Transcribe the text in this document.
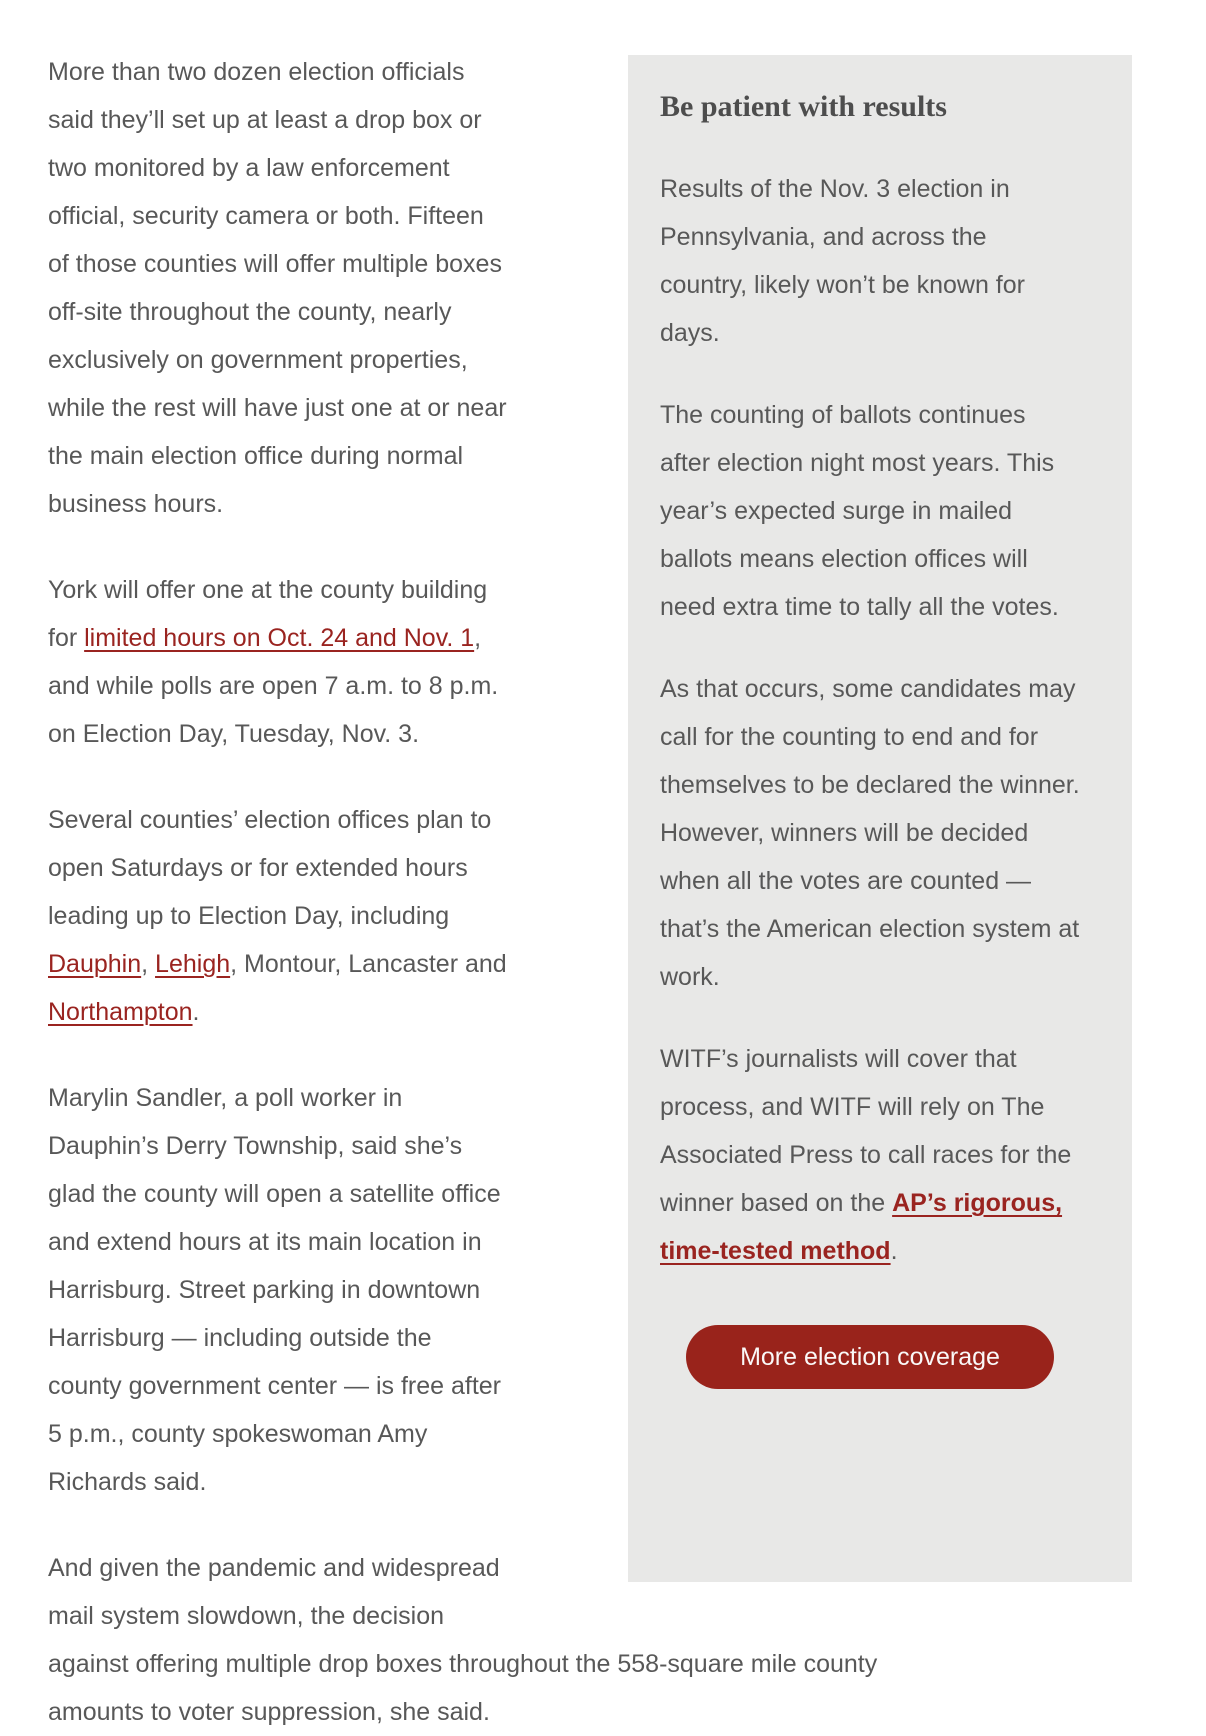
Be patient with results

Results of the Nov. 3 election in Pennsylvania, and across the country, likely won’t be known for days.

The counting of ballots continues after election night most years. This year’s expected surge in mailed ballots means election offices will need extra time to tally all the votes.

As that occurs, some candidates may call for the counting to end and for themselves to be declared the winner. However, winners will be decided when all the votes are counted — that’s the American election system at work.

WITF’s journalists will cover that process, and WITF will rely on The Associated Press to call races for the winner based on the AP’s rigorous, time-tested method.

More election coverage

More than two dozen election officials said they’ll set up at least a drop box or two monitored by a law enforcement official, security camera or both. Fifteen of those counties will offer multiple boxes off-site throughout the county, nearly exclusively on government properties, while the rest will have just one at or near the main election office during normal business hours.

York will offer one at the county building for limited hours on Oct. 24 and Nov. 1, and while polls are open 7 a.m. to 8 p.m. on Election Day, Tuesday, Nov. 3.

Several counties’ election offices plan to open Saturdays or for extended hours leading up to Election Day, including Dauphin, Lehigh, Montour, Lancaster and Northampton.

Marylin Sandler, a poll worker in Dauphin’s Derry Township, said she’s glad the county will open a satellite office and extend hours at its main location in Harrisburg. Street parking in downtown Harrisburg — including outside the county government center — is free after 5 p.m., county spokeswoman Amy Richards said.

And given the pandemic and widespread mail system slowdown, the decision against offering multiple drop boxes throughout the 558-square mile county amounts to voter suppression, she said.
